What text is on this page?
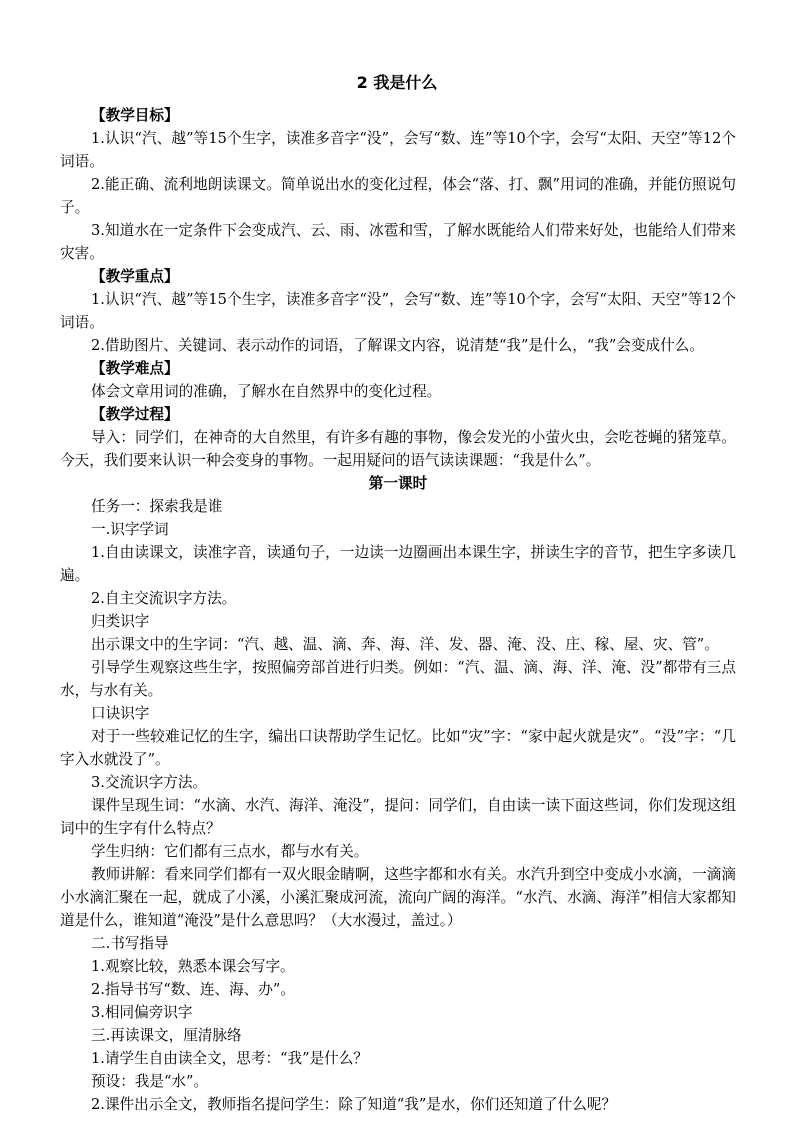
2 我是什么

【教学目标】

1.认识“汽、越”等15个生字，读准多音字“没”，会写“数、连”等10个字，会写“太阳、天空”等12个词语。

2.能正确、流利地朗读课文。简单说出水的变化过程，体会“落、打、飘”用词的准确，并能仿照说句子。

3.知道水在一定条件下会变成汽、云、雨、冰雹和雪，了解水既能给人们带来好处，也能给人们带来灾害。

【教学重点】

1.认识“汽、越”等15个生字，读准多音字“没”，会写“数、连”等10个字，会写“太阳、天空”等12个词语。

2.借助图片、关键词、表示动作的词语，了解课文内容，说清楚“我”是什么，“我”会变成什么。

【教学难点】

体会文章用词的准确，了解水在自然界中的变化过程。

【教学过程】

导入：同学们，在神奇的大自然里，有许多有趣的事物，像会发光的小萤火虫，会吃苍蝇的猪笼草。今天，我们要来认识一种会变身的事物。一起用疑问的语气读读课题：“我是什么”。

第一课时

任务一：探索我是谁

一.识字学词

1.自由读课文，读准字音，读通句子，一边读一边圈画出本课生字，拼读生字的音节，把生字多读几遍。

2.自主交流识字方法。

归类识字

出示课文中的生字词：“汽、越、温、滴、奔、海、洋、发、器、淹、没、庄、稼、屋、灾、管”。

引导学生观察这些生字，按照偏旁部首进行归类。例如：“汽、温、滴、海、洋、淹、没”都带有三点水，与水有关。

口诀识字

对于一些较难记忆的生字，编出口诀帮助学生记忆。比如“灾”字：“家中起火就是灾”。“没”字：“几字入水就没了”。

3.交流识字方法。

课件呈现生词：“水滴、水汽、海洋、淹没”，提问：同学们，自由读一读下面这些词，你们发现这组词中的生字有什么特点？

学生归纳：它们都有三点水，都与水有关。

教师讲解：看来同学们都有一双火眼金睛啊，这些字都和水有关。水汽升到空中变成小水滴，一滴滴小水滴汇聚在一起，就成了小溪，小溪汇聚成河流，流向广阔的海洋。“水汽、水滴、海洋”相信大家都知道是什么，谁知道“淹没”是什么意思吗？（大水漫过，盖过。）

二.书写指导

1.观察比较，熟悉本课会写字。

2.指导书写“数、连、海、办”。

3.相同偏旁识字

三.再读课文，厘清脉络

1.请学生自由读全文，思考：“我”是什么？

预设：我是“水”。

2.课件出示全文，教师指名提问学生：除了知道“我”是水，你们还知道了什么呢？
